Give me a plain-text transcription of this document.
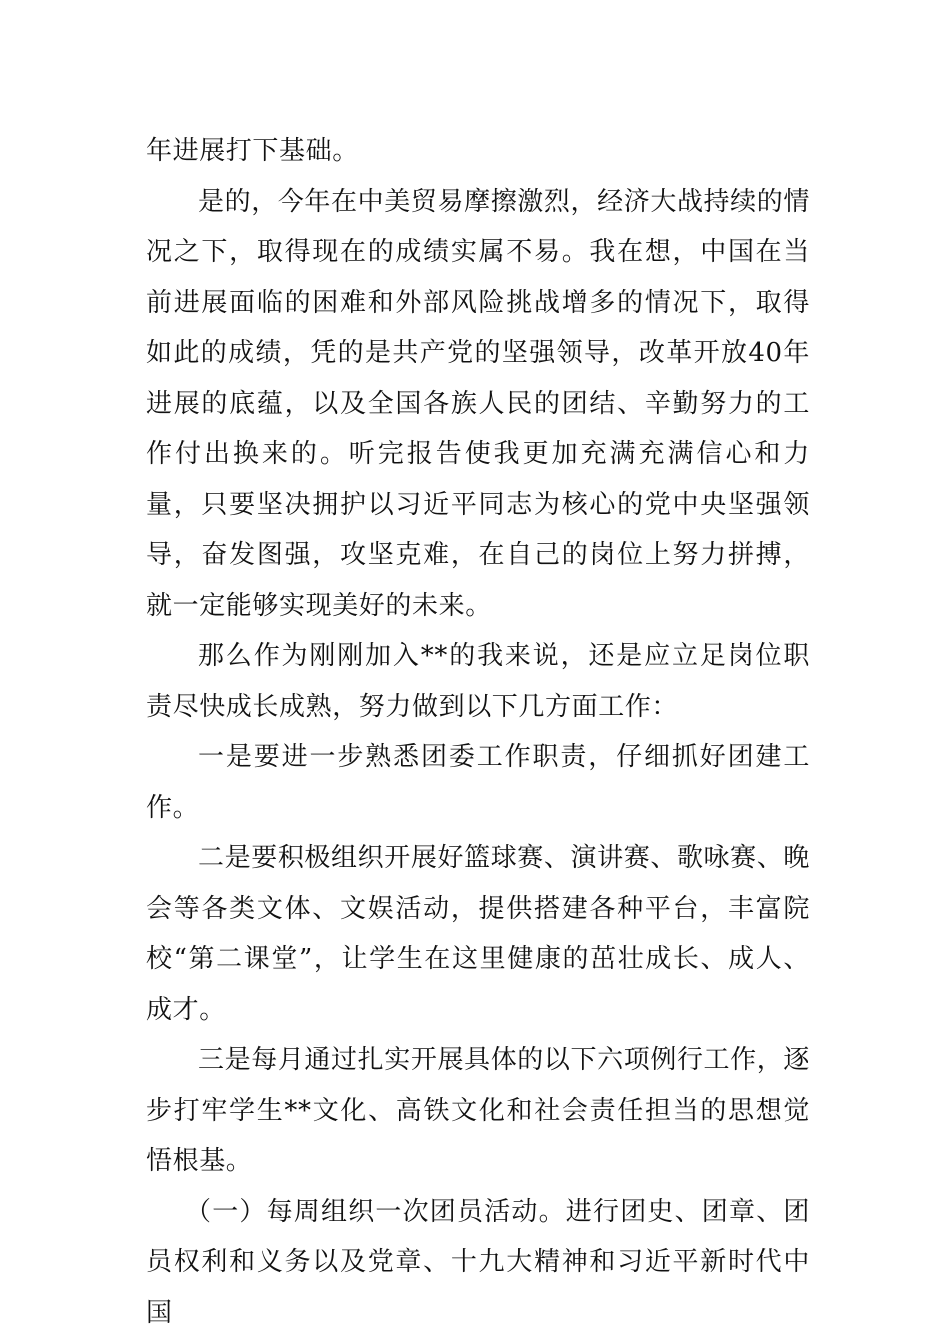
年进展打下基础。

是的，今年在中美贸易摩擦激烈，经济大战持续的情况之下，取得现在的成绩实属不易。我在想，中国在当前进展面临的困难和外部风险挑战增多的情况下，取得如此的成绩，凭的是共产党的坚强领导，改革开放40年进展的底蕴，以及全国各族人民的团结、辛勤努力的工作付出换来的。听完报告使我更加充满充满信心和力量，只要坚决拥护以习近平同志为核心的党中央坚强领导，奋发图强，攻坚克难，在自己的岗位上努力拼搏，就一定能够实现美好的未来。

那么作为刚刚加入**的我来说，还是应立足岗位职责尽快成长成熟，努力做到以下几方面工作：

一是要进一步熟悉团委工作职责，仔细抓好团建工作。

二是要积极组织开展好篮球赛、演讲赛、歌咏赛、晚会等各类文体、文娱活动，提供搭建各种平台，丰富院校“第二课堂”，让学生在这里健康的茁壮成长、成人、成才。

三是每月通过扎实开展具体的以下六项例行工作，逐步打牢学生**文化、高铁文化和社会责任担当的思想觉悟根基。

（一）每周组织一次团员活动。进行团史、团章、团员权利和义务以及党章、十九大精神和习近平新时代中国
